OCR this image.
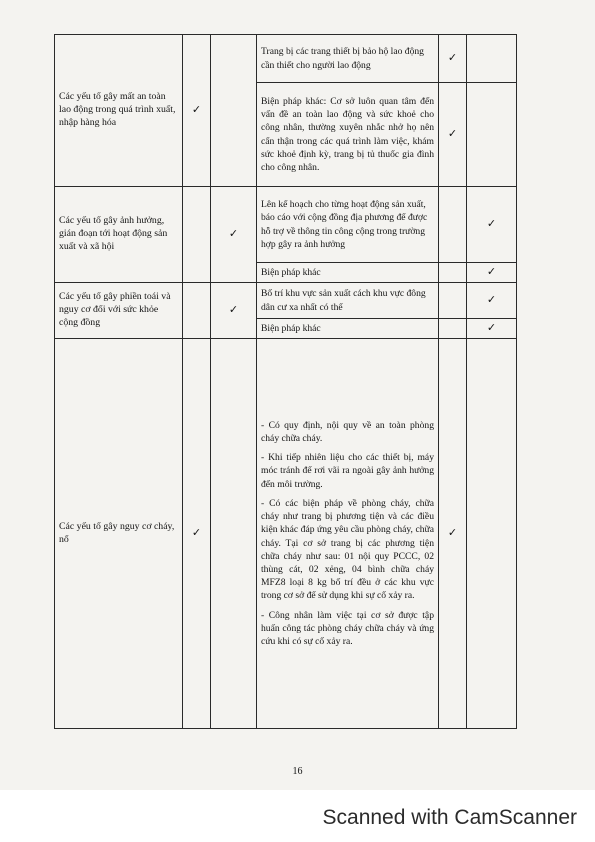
Các yếu tố gây mất an toàn lao động trong quá trình xuất, nhập hàng hóa	✓		Trang bị các trang thiết bị bảo hộ lao động cần thiết cho người lao động	✓	
			Biện pháp khác: Cơ sở luôn quan tâm đến vấn đề an toàn lao động và sức khoẻ cho công nhân, thường xuyên nhắc nhở họ nên cẩn thận trong các quá trình làm việc, khám sức khoẻ định kỳ, trang bị tủ thuốc gia đình cho công nhân.	✓	
Các yếu tố gây ảnh hưởng, gián đoạn tới hoạt động sản xuất và xã hội		✓	Lên kế hoạch cho từng hoạt động sản xuất, báo cáo với cộng đồng địa phương để được hỗ trợ về thông tin công cộng trong trường hợp gây ra ảnh hưởng		✓
			Biện pháp khác		✓
Các yếu tố gây phiền toái và nguy cơ đối với sức khỏe cộng đồng		✓	Bố trí khu vực sản xuất cách khu vực đông dân cư xa nhất có thể		✓
			Biện pháp khác		✓
Các yếu tố gây nguy cơ cháy, nổ	✓		- Có quy định, nội quy về an toàn phòng cháy chữa cháy.

- Khi tiếp nhiên liệu cho các thiết bị, máy móc tránh để rơi vãi ra ngoài gây ảnh hưởng đến môi trường.

- Có các biện pháp về phòng cháy, chữa cháy như trang bị phương tiện và các điều kiện khác đáp ứng yêu cầu phòng cháy, chữa cháy. Tại cơ sở trang bị các phương tiện chữa cháy như sau: 01 nội quy PCCC, 02 thùng cát, 02 xẻng, 04 bình chữa cháy MFZ8 loại 8 kg bố trí đều ở các khu vực trong cơ sở để sử dụng khi sự cố xảy ra.

- Công nhân làm việc tại cơ sở được tập huấn công tác phòng cháy chữa cháy và ứng cứu khi có sự cố xảy ra.	✓	
16
Scanned with CamScanner
